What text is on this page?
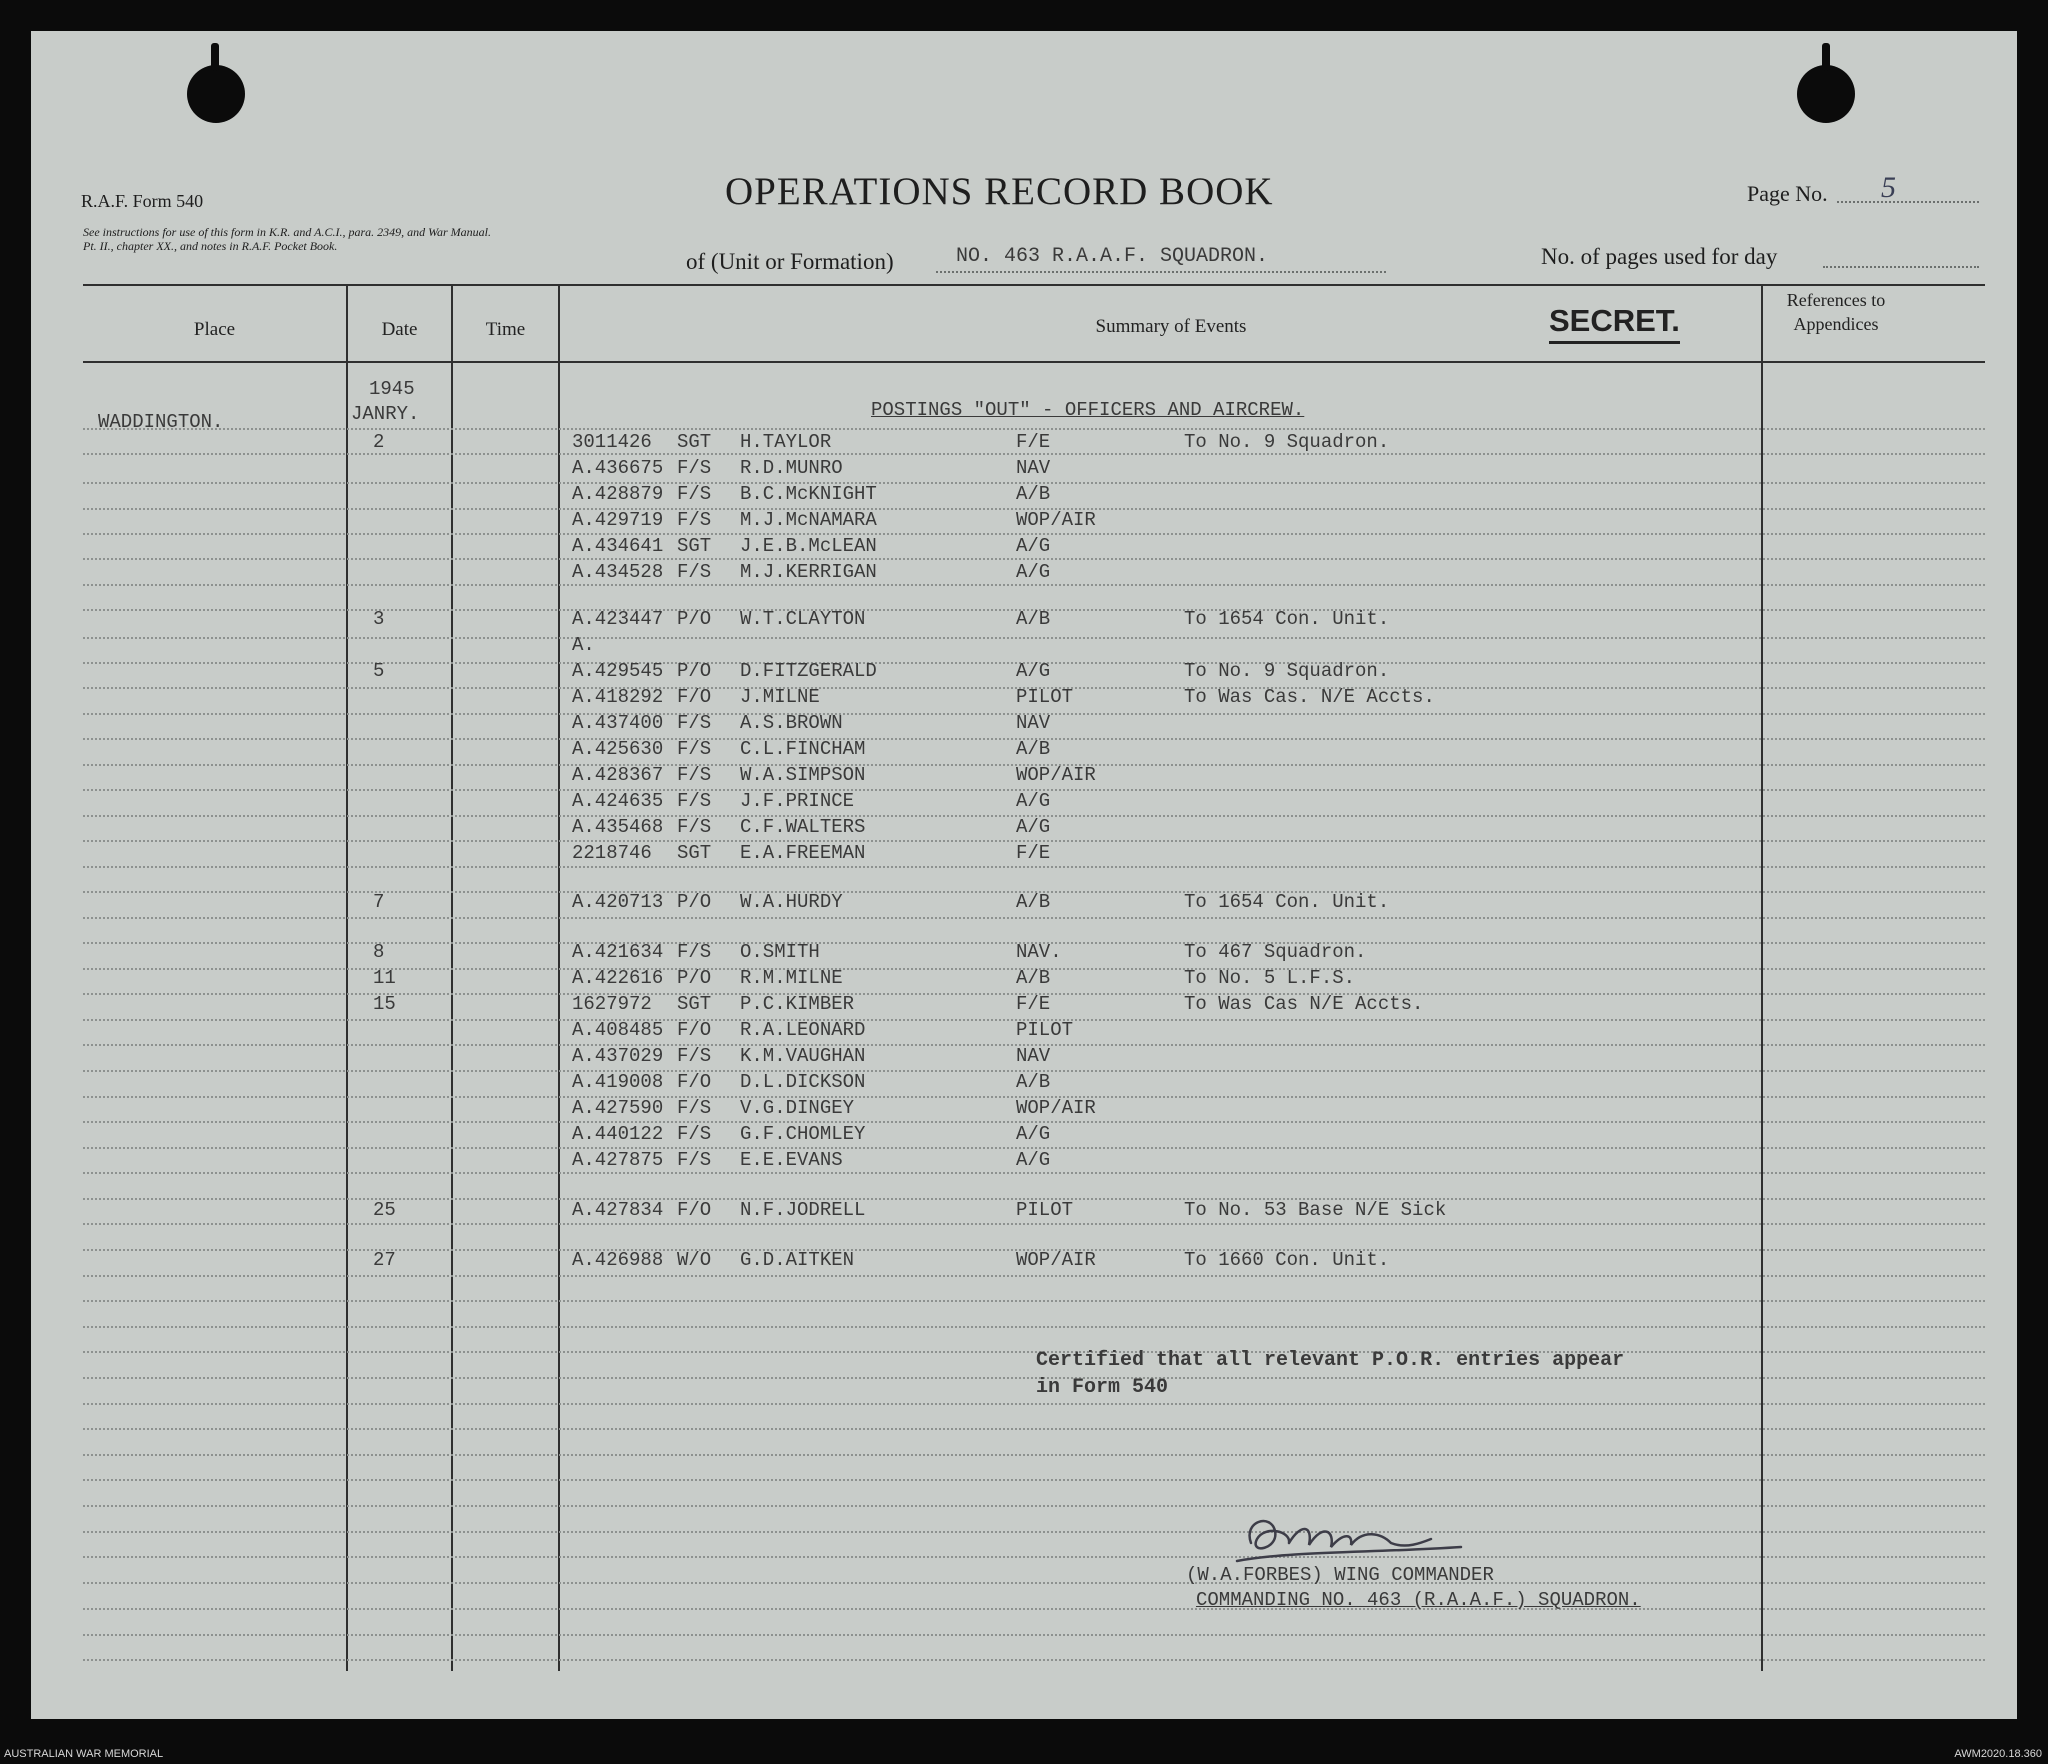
R.A.F. Form 540
See instructions for use of this form in K.R. and A.C.I., para. 2349, and War Manual. Pt. II., chapter XX., and notes in R.A.F. Pocket Book.
OPERATIONS RECORD BOOK	Page No. 5
of (Unit or Formation)	NO. 463 R.A.A.F. SQUADRON.	No. of pages used for day
Place	Date	Time	Summary of Events	SECRET.
References to Appendices
WADDINGTON.
1945
JANRY.	POSTINGS "OUT" - OFFICERS AND AIRCREW.
2	3011426 SGT H.TAYLOR	F/E	To No. 9 Squadron.
A.436675 F/S R.D.MUNRO	NAV
A.428879 F/S B.C.McKNIGHT	A/B
A.429719 F/S M.J.McNAMARA	WOP/AIR
A.434641 SGT J.E.B.McLEAN	A/G
A.434528 F/S M.J.KERRIGAN	A/G
3	A.423447 P/O W.T.CLAYTON	A/B	To 1654 Con. Unit.
A.
5	A.429545 P/O D.FITZGERALD	A/G	To No. 9 Squadron.
A.418292 F/O J.MILNE	PILOT	To Was Cas. N/E Accts.
A.437400 F/S A.S.BROWN	NAV
A.425630 F/S C.L.FINCHAM	A/B
A.428367 F/S W.A.SIMPSON	WOP/AIR
A.424635 F/S J.F.PRINCE	A/G
A.435468 F/S C.F.WALTERS	A/G
2218746 SGT E.A.FREEMAN	F/E
7	A.420713 P/O W.A.HURDY	A/B	To 1654 Con. Unit.
8	A.421634 F/S O.SMITH	NAV.	To 467 Squadron.
11	A.422616 P/O R.M.MILNE	A/B	To No. 5 L.F.S.
15	1627972 SGT P.C.KIMBER	F/E	To Was Cas N/E Accts.
A.408485 F/O R.A.LEONARD	PILOT
A.437029 F/S K.M.VAUGHAN	NAV
A.419008 F/O D.L.DICKSON	A/B
A.427590 F/S V.G.DINGEY	WOP/AIR
A.440122 F/S G.F.CHOMLEY	A/G
A.427875 F/S E.E.EVANS	A/G
25	A.427834 F/O N.F.JODRELL	PILOT	To No. 53 Base N/E Sick
27	A.426988 W/O G.D.AITKEN	WOP/AIR	To 1660 Con. Unit.
Certified that all relevant P.O.R. entries appear
in Form 540
(W.A.FORBES) WING COMMANDER
COMMANDING NO. 463 (R.A.A.F.) SQUADRON.
AUSTRALIAN WAR MEMORIAL	AWM2020.18.360
